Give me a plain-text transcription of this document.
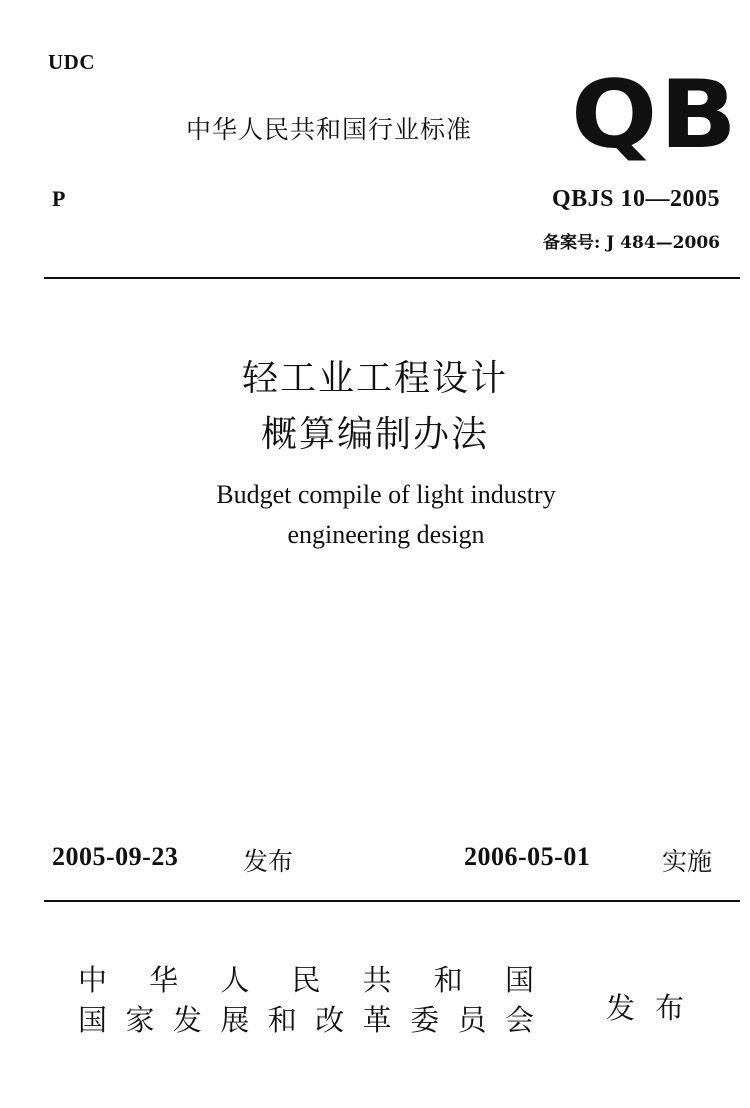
UDC
中华人民共和国行业标准 QB
P	QBJS 10—2005
备案号: J 484—2006
轻工业工程设计
概算编制办法
Budget compile of light industry
engineering design
2005-09-23	发布	2006-05-01	实施
中 华 人 民 共 和 国
国 家 发 展 和 改 革 委 员 会 发布
